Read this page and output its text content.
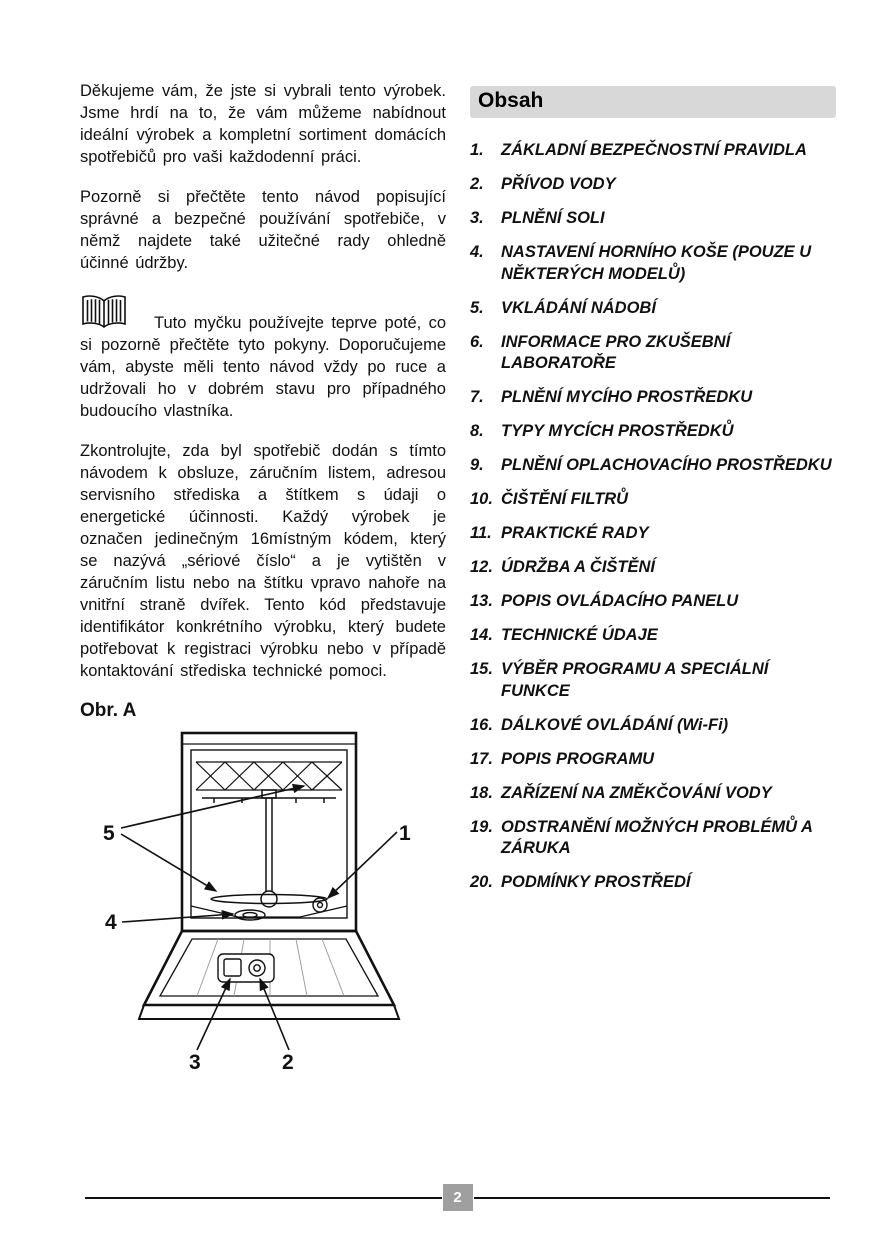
Děkujeme vám, že jste si vybrali tento výrobek. Jsme hrdí na to, že vám můžeme nabídnout ideální výrobek a kompletní sortiment domácích spotřebičů pro vaši každodenní práci.

Pozorně si přečtěte tento návod popisující správné a bezpečné používání spotřebiče, v němž najdete také užitečné rady ohledně účinné údržby.

Tuto myčku používejte teprve poté, co si pozorně přečtěte tyto pokyny. Doporučujeme vám, abyste měli tento návod vždy po ruce a udržovali ho v dobrém stavu pro případného budoucího vlastníka.

Zkontrolujte, zda byl spotřebič dodán s tímto návodem k obsluze, záručním listem, adresou servisního střediska a štítkem s údaji o energetické účinnosti. Každý výrobek je označen jedinečným 16místným kódem, který se nazývá „sériové číslo“ a je vytištěn v záručním listu nebo na štítku vpravo nahoře na vnitřní straně dvířek. Tento kód představuje identifikátor konkrétního výrobku, který budete potřebovat k registraci výrobku nebo v případě kontaktování střediska technické pomoci.

Obr. A
5	1
4
3	2
Obsah
1. ZÁKLADNÍ BEZPEČNOSTNÍ PRAVIDLA
2. PŘÍVOD VODY
3. PLNĚNÍ SOLI
4. NASTAVENÍ HORNÍHO KOŠE (POUZE U NĚKTERÝCH MODELŮ)
5. VKLÁDÁNÍ NÁDOBÍ
6. INFORMACE PRO ZKUŠEBNÍ LABORATOŘE
7. PLNĚNÍ MYCÍHO PROSTŘEDKU
8. TYPY MYCÍCH PROSTŘEDKŮ
9. PLNĚNÍ OPLACHOVACÍHO PROSTŘEDKU
10. ČIŠTĚNÍ FILTRŮ
11. PRAKTICKÉ RADY
12. ÚDRŽBA A ČIŠTĚNÍ
13. POPIS OVLÁDACÍHO PANELU
14. TECHNICKÉ ÚDAJE
15. VÝBĚR PROGRAMU A SPECIÁLNÍ FUNKCE
16. DÁLKOVÉ OVLÁDÁNÍ (Wi-Fi)
17. POPIS PROGRAMU
18. ZAŘÍZENÍ NA ZMĚKČOVÁNÍ VODY
19. ODSTRANĚNÍ MOŽNÝCH PROBLÉMŮ A ZÁRUKA
20. PODMÍNKY PROSTŘEDÍ
2
